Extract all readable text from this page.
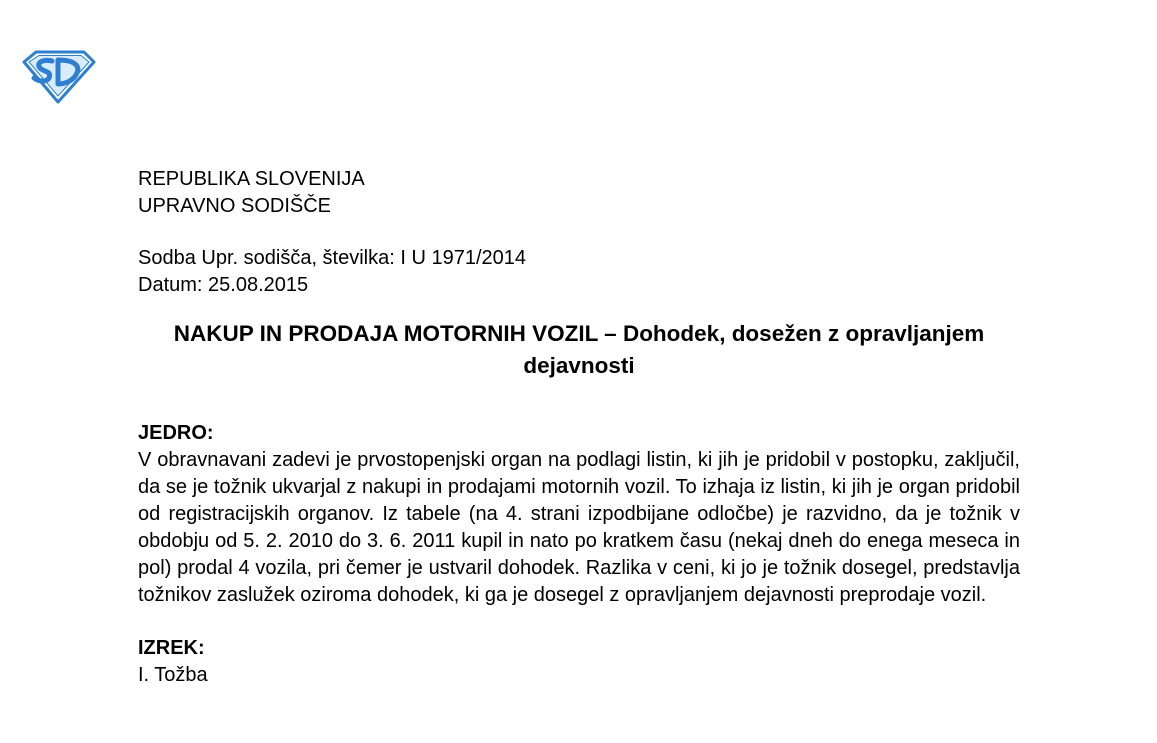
REPUBLIKA SLOVENIJA
UPRAVNO SODIŠČE
Sodba Upr. sodišča, številka: I U 1971/2014
Datum: 25.08.2015
NAKUP IN PRODAJA MOTORNIH VOZIL – Dohodek, dosežen z opravljanjem dejavnosti
JEDRO:
V obravnavani zadevi je prvostopenjski organ na podlagi listin, ki jih je pridobil v postopku, zaključil, da se je tožnik ukvarjal z nakupi in prodajami motornih vozil. To izhaja iz listin, ki jih je organ pridobil od registracijskih organov. Iz tabele (na 4. strani izpodbijane odločbe) je razvidno, da je tožnik v obdobju od 5. 2. 2010 do 3. 6. 2011 kupil in nato po kratkem času (nekaj dneh do enega meseca in pol) prodal 4 vozila, pri čemer je ustvaril dohodek. Razlika v ceni, ki jo je tožnik dosegel, predstavlja tožnikov zaslužek oziroma dohodek, ki ga je dosegel z opravljanjem dejavnosti preprodaje vozil.
IZREK:
I. Tožba
